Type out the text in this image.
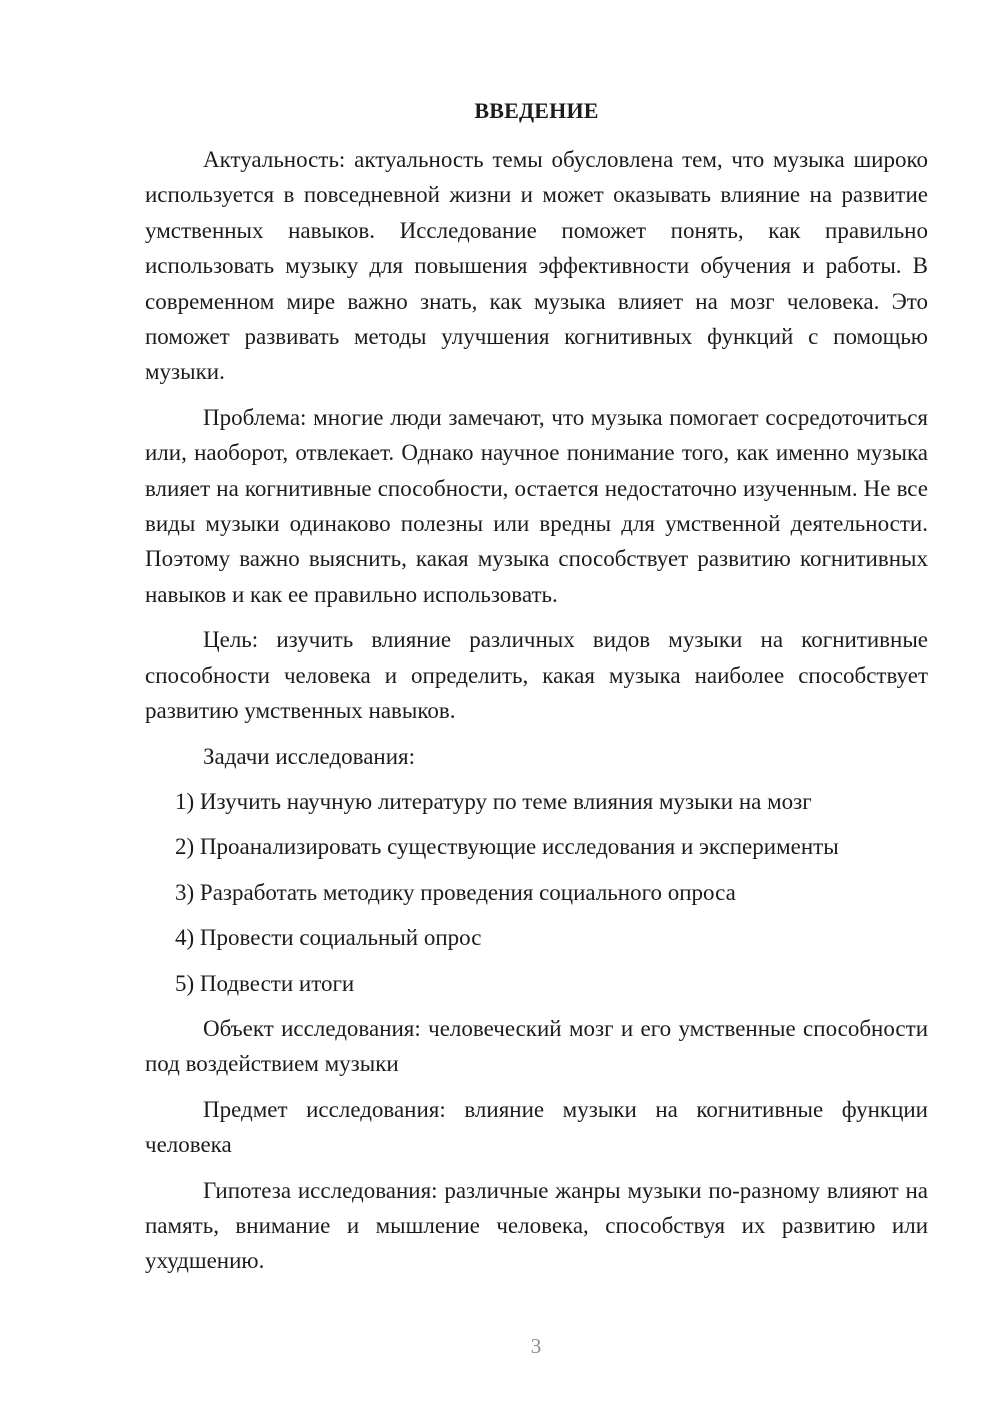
ВВЕДЕНИЕ

Актуальность: актуальность темы обусловлена тем, что музыка широко используется в повседневной жизни и может оказывать влияние на развитие умственных навыков. Исследование поможет понять, как правильно использовать музыку для повышения эффективности обучения и работы. В современном мире важно знать, как музыка влияет на мозг человека. Это поможет развивать методы улучшения когнитивных функций с помощью музыки.

Проблема: многие люди замечают, что музыка помогает сосредоточиться или, наоборот, отвлекает. Однако научное понимание того, как именно музыка влияет на когнитивные способности, остается недостаточно изученным. Не все виды музыки одинаково полезны или вредны для умственной деятельности. Поэтому важно выяснить, какая музыка способствует развитию когнитивных навыков и как ее правильно использовать.

Цель: изучить влияние различных видов музыки на когнитивные способности человека и определить, какая музыка наиболее способствует развитию умственных навыков.

Задачи исследования:

1) Изучить научную литературу по теме влияния музыки на мозг
2) Проанализировать существующие исследования и эксперименты
3) Разработать методику проведения социального опроса
4) Провести социальный опрос
5) Подвести итоги

Объект исследования: человеческий мозг и его умственные способности под воздействием музыки

Предмет исследования: влияние музыки на когнитивные функции человека

Гипотеза исследования: различные жанры музыки по-разному влияют на память, внимание и мышление человека, способствуя их развитию или ухудшению.

3
